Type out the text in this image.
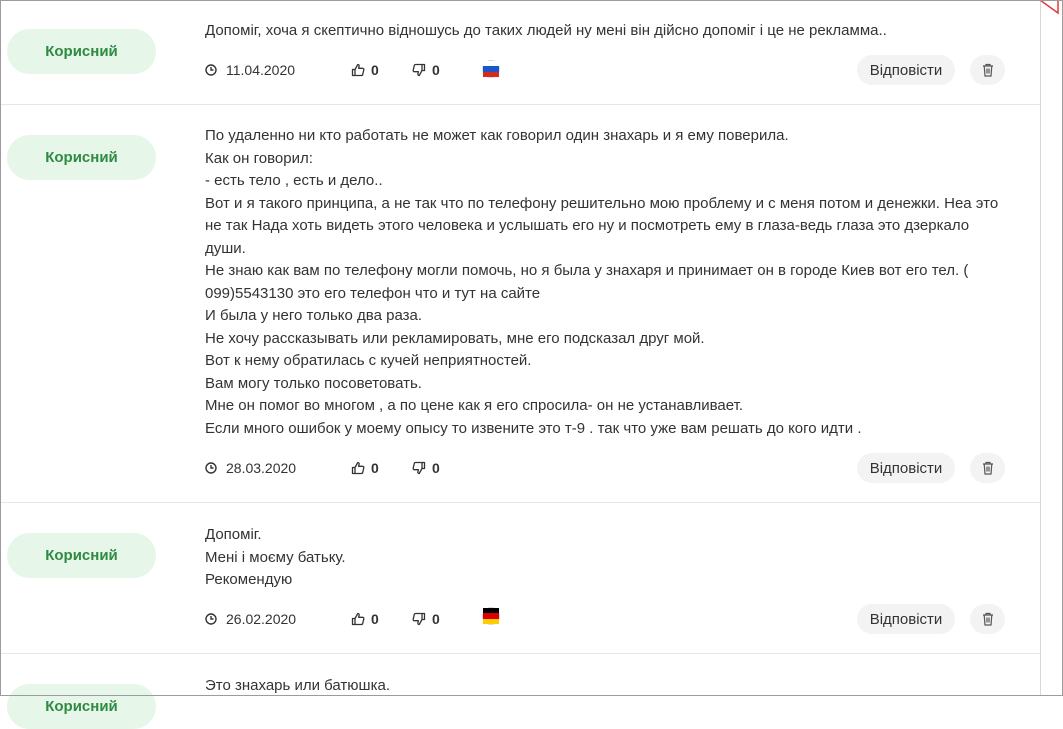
Корисний
Допоміг, хоча я скептично відношусь до таких людей ну мені він дійсно допоміг і це не рекламма..
11.04.2020	0	0	Відповісти
Корисний
По удаленно ни кто работать не может как говорил один знахарь и я ему поверила.
Как он говорил:
- есть тело , есть и дело..
Вот и я такого принципа, а не так что по телефону решительно мою проблему и с меня потом и денежки. Неа это
не так Нада хоть видеть этого человека и услышать его ну и посмотреть ему в глаза-ведь глаза это дзеркало
души.
Не знаю как вам по телефону могли помочь, но я была у знахаря и принимает он в городе Киев вот его тел. (
099)5543130 это его телефон что и тут на сайте
И была у него только два раза.
Не хочу рассказывать или рекламировать, мне его подсказал друг мой.
Вот к нему обратилась с кучей неприятностей.
Вам могу только посоветовать.
Мне он помог во многом , а по цене как я его спросила- он не устанавливает.
Если много ошибок у моему опысу то извените это т-9 . так что уже вам решать до кого идти .
28.03.2020	0	0	Відповісти
Корисний
Допоміг.
Мені і моєму батьку.
Рекомендую
26.02.2020	0	0	Відповісти
Корисний
Это знахарь или батюшка.
